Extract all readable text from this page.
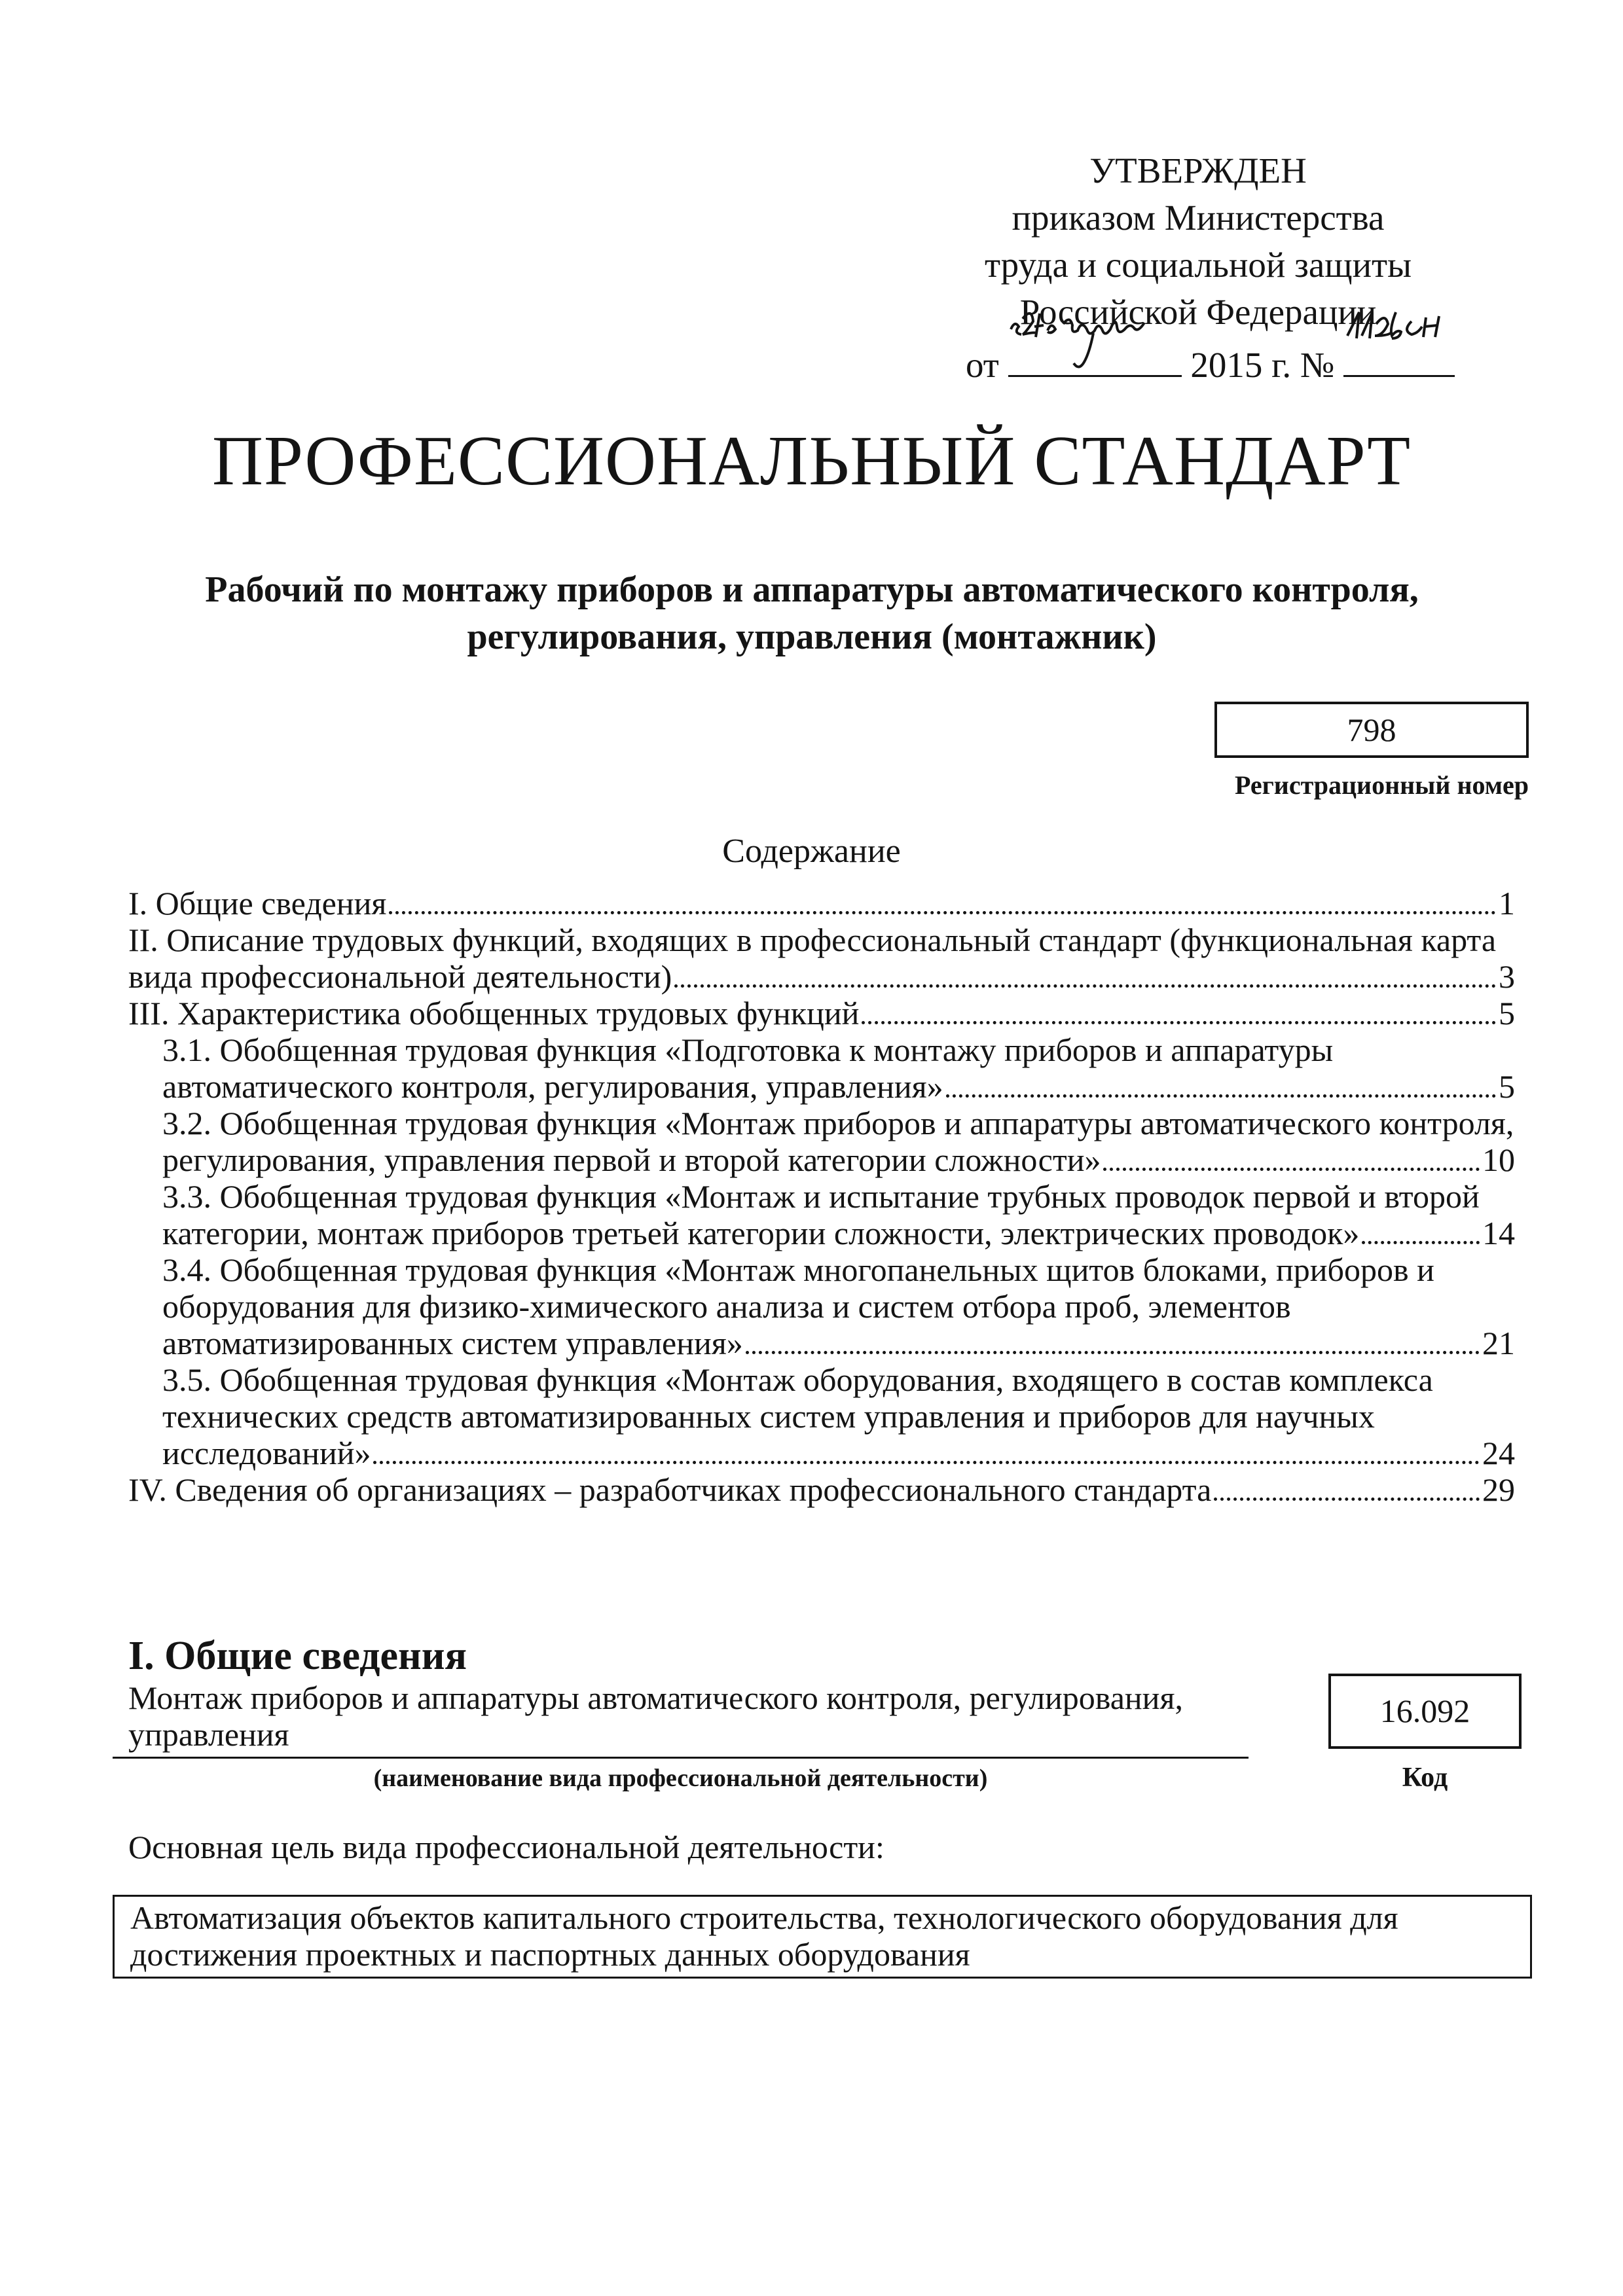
УТВЕРЖДЕН
приказом Министерства
труда и социальной защиты
Российской Федерации
от	2015 г. №
ПРОФЕССИОНАЛЬНЫЙ СТАНДАРТ
Рабочий по монтажу приборов и аппаратуры автоматического контроля, регулирования, управления (монтажник)
798
Регистрационный номер
Содержание
I. Общие сведения	1
II. Описание трудовых функций, входящих в профессиональный стандарт (функциональная карта
вида профессиональной деятельности)	3
III. Характеристика обобщенных трудовых функций	5
3.1. Обобщенная трудовая функция «Подготовка к монтажу приборов и аппаратуры
автоматического контроля, регулирования, управления»	5
3.2. Обобщенная трудовая функция «Монтаж приборов и аппаратуры автоматического контроля,
регулирования, управления первой и второй категории сложности»	10
3.3. Обобщенная трудовая функция «Монтаж и испытание трубных проводок первой и второй
категории, монтаж приборов третьей категории сложности, электрических проводок»	14
3.4. Обобщенная трудовая функция «Монтаж многопанельных щитов блоками, приборов и
оборудования для физико-химического анализа и систем отбора проб, элементов
автоматизированных систем управления»	21
3.5. Обобщенная трудовая функция «Монтаж оборудования, входящего в состав комплекса
технических средств автоматизированных систем управления и приборов для научных
исследований»	24
IV. Сведения об организациях – разработчиках профессионального стандарта	29
I. Общие сведения
Монтаж приборов и аппаратуры автоматического контроля, регулирования, управления
(наименование вида профессиональной деятельности)
16.092
Код
Основная цель вида профессиональной деятельности:
Автоматизация объектов капитального строительства, технологического оборудования для достижения проектных и паспортных данных оборудования
